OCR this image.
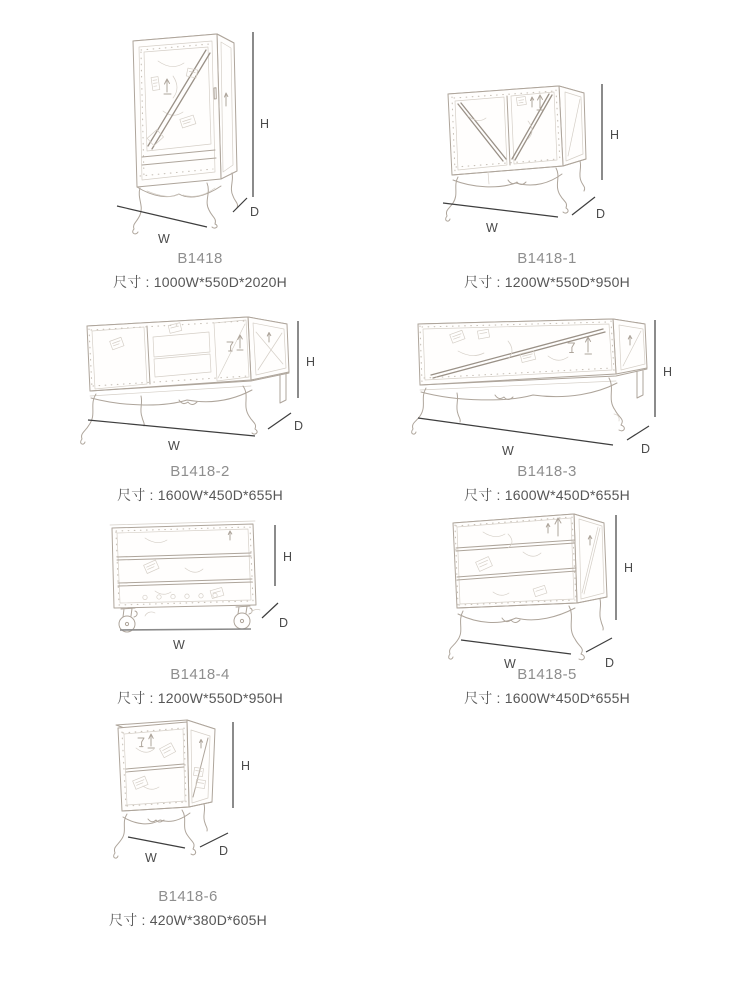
H
D
W
B1418
尺寸 : 1000W*550D*2020H
H
W
D
B1418-1
尺寸 : 1200W*550D*950H
H
W
D
B1418-2
尺寸 : 1600W*450D*655H
H
W	D
B1418-3
尺寸 : 1600W*450D*655H
H
D
W
B1418-4
尺寸 : 1200W*550D*950H
H
W	D
B1418-5
尺寸 : 1600W*450D*655H
H
W	D
B1418-6
尺寸 : 420W*380D*605H
